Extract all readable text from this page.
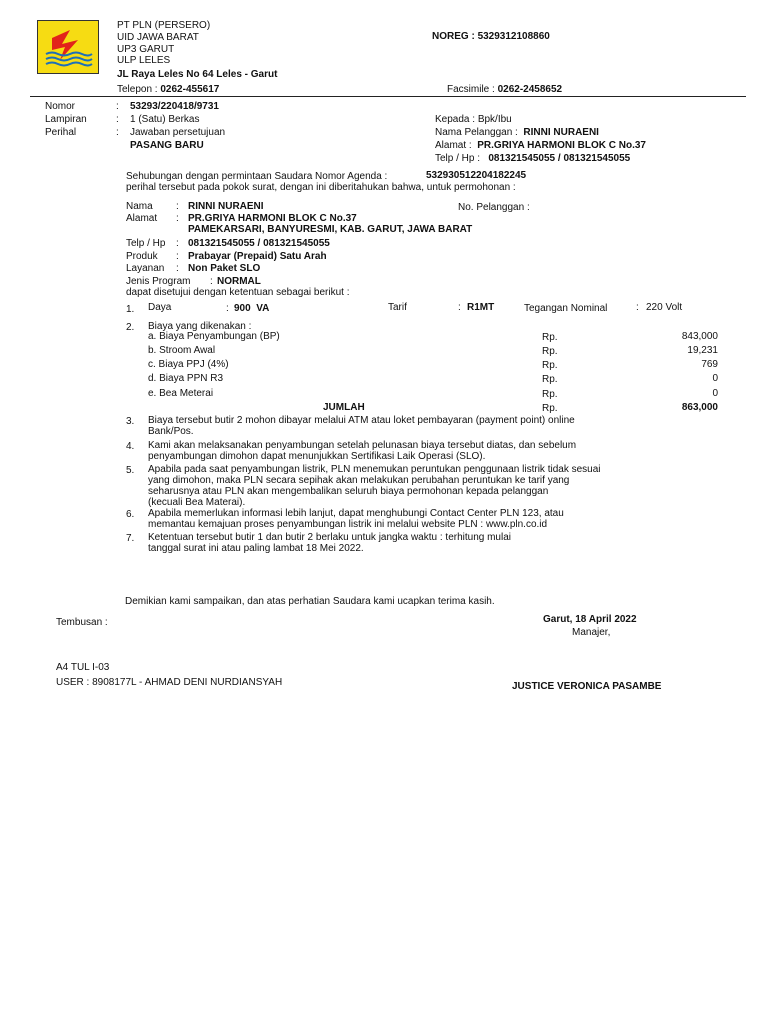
PT PLN (PERSERO)
UID JAWA BARAT
UP3 GARUT
ULP LELES
JL Raya Leles No 64 Leles - Garut
Telepon : 0262-455617	Facsimile : 0262-2458652
NOREG : 5329312108860
Nomor	: 53293/220418/9731
Lampiran	: 1 (Satu) Berkas
Perihal	: Jawaban persetujuan
PASANG BARU
Kepada : Bpk/Ibu
Nama Pelanggan : RINNI NURAENI
Alamat : PR.GRIYA HARMONI BLOK C No.37
Telp / Hp : 081321545055 / 081321545055
Sehubungan dengan permintaan Saudara Nomor Agenda :	532930512204182245
perihal tersebut pada pokok surat, dengan ini diberitahukan bahwa, untuk permohonan :
Nama : RINNI NURAENI	No. Pelanggan :
Alamat : PR.GRIYA HARMONI BLOK C No.37
PAMEKARSARI, BANYURESMI, KAB. GARUT, JAWA BARAT
Telp / Hp : 081321545055 / 081321545055
Produk : Prabayar (Prepaid) Satu Arah
Layanan : Non Paket SLO
Jenis Program : NORMAL
dapat disetujui dengan ketentuan sebagai berikut :
1. Daya	: 900 VA	Tarif	: R1MT	Tegangan Nominal	: 220 Volt
2. Biaya yang dikenakan :
a. Biaya Penyambungan (BP)	Rp.	843,000
b. Stroom Awal	Rp.	19,231
c. Biaya PPJ (4%)	Rp.	769
d. Biaya PPN R3	Rp.	0
e. Bea Meterai	Rp.	0
JUMLAH	Rp.	863,000
3. Biaya tersebut butir 2 mohon dibayar melalui ATM atau loket pembayaran (payment point) online
Bank/Pos.
4. Kami akan melaksanakan penyambungan setelah pelunasan biaya tersebut diatas, dan sebelum
penyambungan dimohon dapat menunjukkan Sertifikasi Laik Operasi (SLO).
5. Apabila pada saat penyambungan listrik, PLN menemukan peruntukan penggunaan listrik tidak sesuai
yang dimohon, maka PLN secara sepihak akan melakukan perubahan peruntukan ke tarif yang
seharusnya atau PLN akan mengembalikan seluruh biaya permohonan kepada pelanggan
(kecuali Bea Materai).
6. Apabila memerlukan informasi lebih lanjut, dapat menghubungi Contact Center PLN 123, atau
memantau kemajuan proses penyambungan listrik ini melalui website PLN : www.pln.co.id
7. Ketentuan tersebut butir 1 dan butir 2 berlaku untuk jangka waktu : terhitung mulai
tanggal surat ini atau paling lambat 18 Mei 2022.
Demikian kami sampaikan, dan atas perhatian Saudara kami ucapkan terima kasih.
Tembusan :	Garut, 18 April 2022
Manajer,
JUSTICE VERONICA PASAMBE
A4 TUL I-03
USER : 8908177L - AHMAD DENI NURDIANSYAH
